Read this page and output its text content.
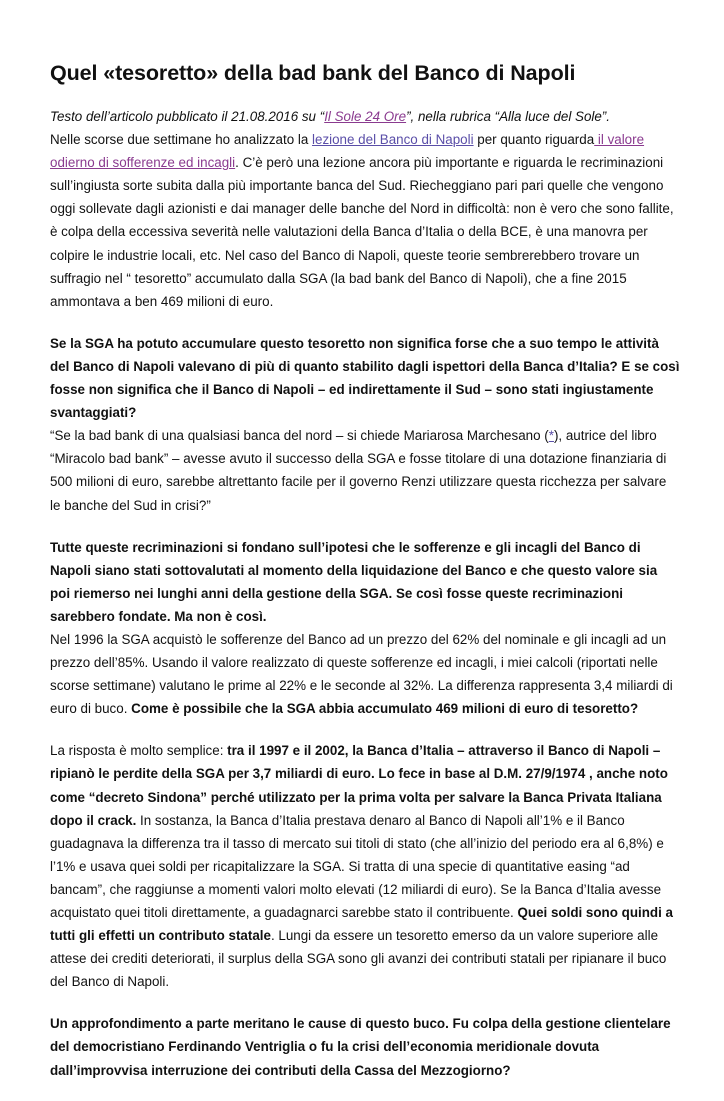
Quel «tesoretto» della bad bank del Banco di Napoli

Testo dell’articolo pubblicato il 21.08.2016 su “Il Sole 24 Ore”, nella rubrica “Alla luce del Sole”.
Nelle scorse due settimane ho analizzato la lezione del Banco di Napoli per quanto riguarda il valore odierno di sofferenze ed incagli. C’è però una lezione ancora più importante e riguarda le recriminazioni sull’ingiusta sorte subita dalla più importante banca del Sud. Riecheggiano pari pari quelle che vengono oggi sollevate dagli azionisti e dai manager delle banche del Nord in difficoltà: non è vero che sono fallite, è colpa della eccessiva severità nelle valutazioni della Banca d’Italia o della BCE, è una manovra per colpire le industrie locali, etc. Nel caso del Banco di Napoli, queste teorie sembrerebbero trovare un suffragio nel “ tesoretto” accumulato dalla SGA (la bad bank del Banco di Napoli), che a fine 2015 ammontava a ben 469 milioni di euro.

Se la SGA ha potuto accumulare questo tesoretto non significa forse che a suo tempo le attività del Banco di Napoli valevano di più di quanto stabilito dagli ispettori della Banca d’Italia? E se così fosse non significa che il Banco di Napoli – ed indirettamente il Sud – sono stati ingiustamente svantaggiati?
“Se la bad bank di una qualsiasi banca del nord – si chiede Mariarosa Marchesano (*), autrice del libro “Miracolo bad bank” – avesse avuto il successo della SGA e fosse titolare di una dotazione finanziaria di 500 milioni di euro, sarebbe altrettanto facile per il governo Renzi utilizzare questa ricchezza per salvare le banche del Sud in crisi?”

Tutte queste recriminazioni si fondano sull’ipotesi che le sofferenze e gli incagli del Banco di Napoli siano stati sottovalutati al momento della liquidazione del Banco e che questo valore sia poi riemerso nei lunghi anni della gestione della SGA. Se così fosse queste recriminazioni sarebbero fondate. Ma non è così.
Nel 1996 la SGA acquistò le sofferenze del Banco ad un prezzo del 62% del nominale e gli incagli ad un prezzo dell’85%. Usando il valore realizzato di queste sofferenze ed incagli, i miei calcoli (riportati nelle scorse settimane) valutano le prime al 22% e le seconde al 32%. La differenza rappresenta 3,4 miliardi di euro di buco. Come è possibile che la SGA abbia accumulato 469 milioni di euro di tesoretto?

La risposta è molto semplice: tra il 1997 e il 2002, la Banca d’Italia – attraverso il Banco di Napoli – ripianò le perdite della SGA per 3,7 miliardi di euro. Lo fece in base al D.M. 27/9/1974 , anche noto come “decreto Sindona” perché utilizzato per la prima volta per salvare la Banca Privata Italiana dopo il crack. In sostanza, la Banca d’Italia prestava denaro al Banco di Napoli all’1% e il Banco guadagnava la differenza tra il tasso di mercato sui titoli di stato (che all’inizio del periodo era al 6,8%) e l’1% e usava quei soldi per ricapitalizzare la SGA. Si tratta di una specie di quantitative easing “ad bancam”, che raggiunse a momenti valori molto elevati (12 miliardi di euro). Se la Banca d’Italia avesse acquistato quei titoli direttamente, a guadagnarci sarebbe stato il contribuente. Quei soldi sono quindi a tutti gli effetti un contributo statale. Lungi da essere un tesoretto emerso da un valore superiore alle attese dei crediti deteriorati, il surplus della SGA sono gli avanzi dei contributi statali per ripianare il buco del Banco di Napoli.

Un approfondimento a parte meritano le cause di questo buco. Fu colpa della gestione clientelare del democristiano Ferdinando Ventriglia o fu la crisi dell’economia meridionale dovuta dall’improvvisa interruzione dei contributi della Cassa del Mezzogiorno?
